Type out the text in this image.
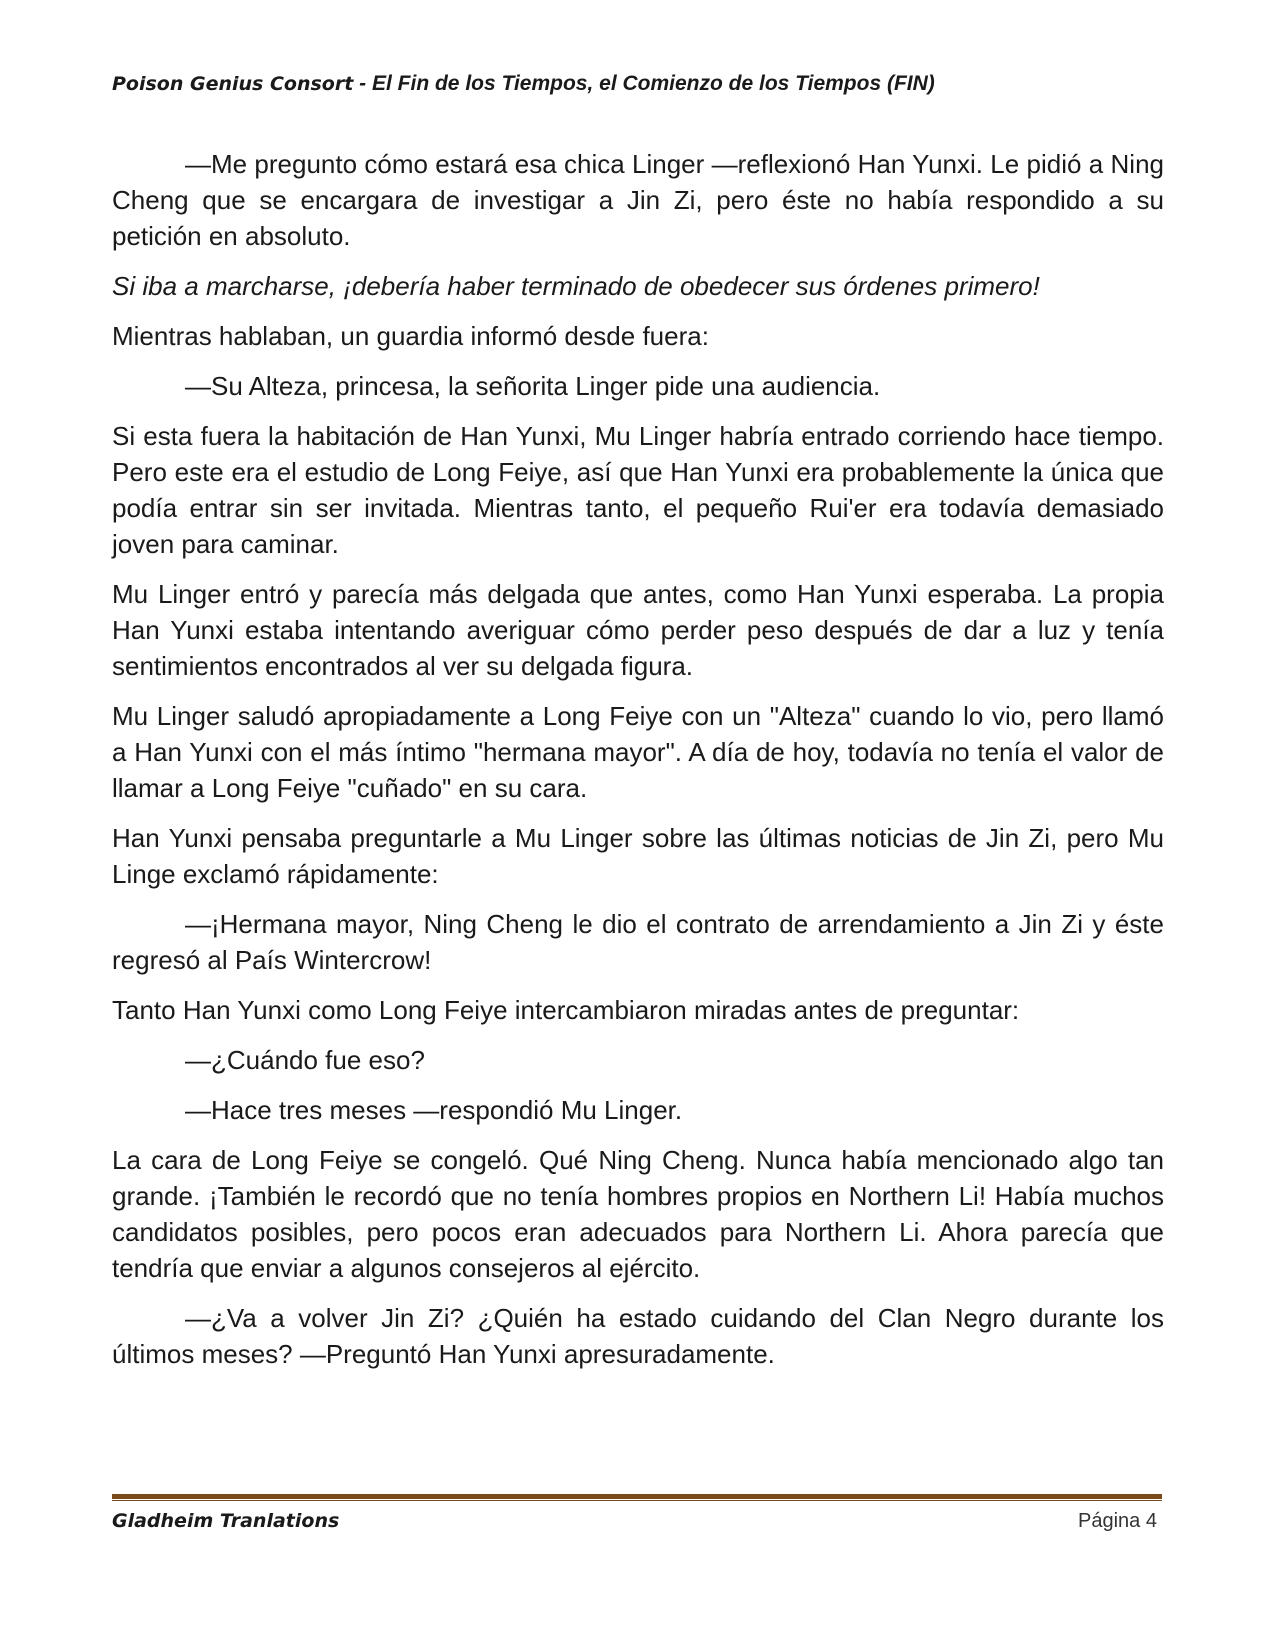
Poison Genius Consort - El Fin de los Tiempos, el Comienzo de los Tiempos (FIN)

—Me pregunto cómo estará esa chica Linger —reflexionó Han Yunxi. Le pidió a Ning Cheng que se encargara de investigar a Jin Zi, pero éste no había respondido a su petición en absoluto.

Si iba a marcharse, ¡debería haber terminado de obedecer sus órdenes primero!

Mientras hablaban, un guardia informó desde fuera:

—Su Alteza, princesa, la señorita Linger pide una audiencia.

Si esta fuera la habitación de Han Yunxi, Mu Linger habría entrado corriendo hace tiempo. Pero este era el estudio de Long Feiye, así que Han Yunxi era probablemente la única que podía entrar sin ser invitada. Mientras tanto, el pequeño Rui'er era todavía demasiado joven para caminar.

Mu Linger entró y parecía más delgada que antes, como Han Yunxi esperaba. La propia Han Yunxi estaba intentando averiguar cómo perder peso después de dar a luz y tenía sentimientos encontrados al ver su delgada figura.

Mu Linger saludó apropiadamente a Long Feiye con un "Alteza" cuando lo vio, pero llamó a Han Yunxi con el más íntimo "hermana mayor". A día de hoy, todavía no tenía el valor de llamar a Long Feiye "cuñado" en su cara.

Han Yunxi pensaba preguntarle a Mu Linger sobre las últimas noticias de Jin Zi, pero Mu Linge exclamó rápidamente:

—¡Hermana mayor, Ning Cheng le dio el contrato de arrendamiento a Jin Zi y éste regresó al País Wintercrow!

Tanto Han Yunxi como Long Feiye intercambiaron miradas antes de preguntar:

—¿Cuándo fue eso?

—Hace tres meses —respondió Mu Linger.

La cara de Long Feiye se congeló. Qué Ning Cheng. Nunca había mencionado algo tan grande. ¡También le recordó que no tenía hombres propios en Northern Li! Había muchos candidatos posibles, pero pocos eran adecuados para Northern Li. Ahora parecía que tendría que enviar a algunos consejeros al ejército.

—¿Va a volver Jin Zi? ¿Quién ha estado cuidando del Clan Negro durante los últimos meses? —Preguntó Han Yunxi apresuradamente.

Gladheim Tranlations	Página 4
